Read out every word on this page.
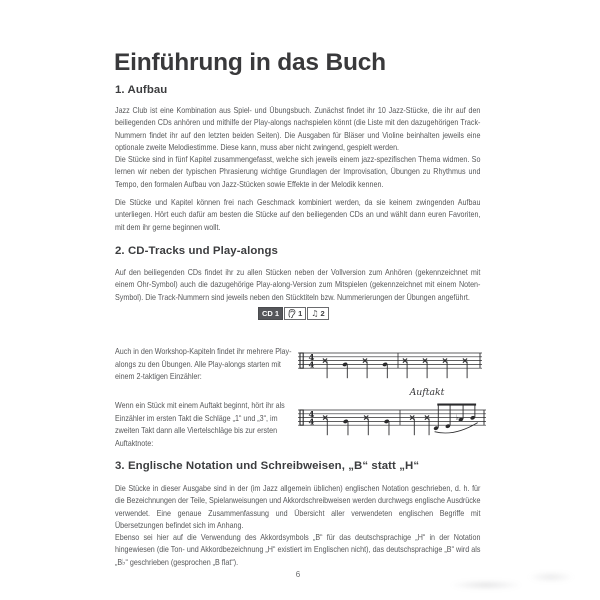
Einführung in das Buch
1. Aufbau
Jazz Club ist eine Kombination aus Spiel- und Übungsbuch. Zunächst findet ihr 10 Jazz-Stücke, die ihr auf den beiliegenden CDs anhören und mithilfe der Play-alongs nachspielen könnt (die Liste mit den dazugehörigen Track-Nummern findet ihr auf den letzten beiden Seiten). Die Ausgaben für Bläser und Violine beinhalten jeweils eine optionale zweite Melodiestimme. Diese kann, muss aber nicht zwingend, gespielt werden.
Die Stücke sind in fünf Kapitel zusammengefasst, welche sich jeweils einem jazz-spezifischen Thema widmen. So lernen wir neben der typischen Phrasierung wichtige Grundlagen der Improvisation, Übungen zu Rhythmus und Tempo, den formalen Aufbau von Jazz-Stücken sowie Effekte in der Melodik kennen.
Die Stücke und Kapitel können frei nach Geschmack kombiniert werden, da sie keinem zwingenden Aufbau unterliegen. Hört euch dafür am besten die Stücke auf den beiliegenden CDs an und wählt dann euren Favoriten, mit dem ihr gerne beginnen wollt.
2. CD-Tracks und Play-alongs
Auf den beiliegenden CDs findet ihr zu allen Stücken neben der Vollversion zum Anhören (gekennzeichnet mit einem Ohr-Symbol) auch die dazugehörige Play-along-Version zum Mitspielen (gekennzeichnet mit einem Noten-Symbol). Die Track-Nummern sind jeweils neben den Stücktiteln bzw. Nummerierungen der Übungen angeführt.
CD 1	1 ♫ 2
Auch in den Workshop-Kapiteln findet ihr mehrere Play-alongs zu den Übungen. Alle Play-alongs starten mit einem 2-taktigen Einzähler:
4
4
Wenn ein Stück mit einem Auftakt beginnt, hört ihr als Einzähler im ersten Takt die Schläge „1“ und „3“, im zweiten Takt dann alle Viertelschläge bis zur ersten Auftaktnote:
Auftakt
4
4	♭
3. Englische Notation und Schreibweisen, „B“ statt „H“
Die Stücke in dieser Ausgabe sind in der (im Jazz allgemein üblichen) englischen Notation geschrieben, d. h. für die Bezeichnungen der Teile, Spielanweisungen und Akkordschreibweisen werden durchwegs englische Ausdrücke verwendet. Eine genaue Zusammenfassung und Übersicht aller verwendeten englischen Begriffe mit Übersetzungen befindet sich im Anhang.
Ebenso sei hier auf die Verwendung des Akkordsymbols „B“ für das deutschsprachige „H“ in der Notation hingewiesen (die Ton- und Akkordbezeichnung „H“ existiert im Englischen nicht), das deutschsprachige „B“ wird als „B♭“ geschrieben (gesprochen „B flat“).
6
